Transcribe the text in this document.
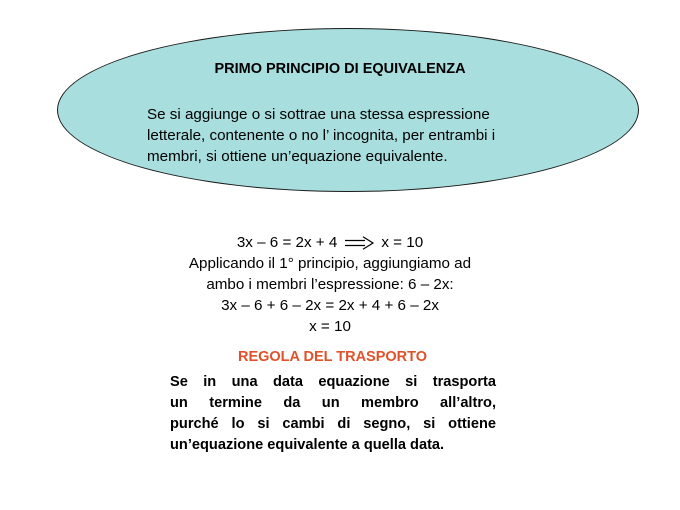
PRIMO PRINCIPIO DI EQUIVALENZA
Se si aggiunge o si sottrae una stessa espressione
letterale, contenente o no l’ incognita, per entrambi i
membri, si ottiene un’equazione equivalente.
3x – 6 = 2x + 4	x = 10
Applicando il 1° principio, aggiungiamo ad
ambo i membri l’espressione: 6 – 2x:
3x – 6 + 6 – 2x = 2x + 4 + 6 – 2x
x = 10
REGOLA DEL TRASPORTO
Se in una data equazione si trasporta
un termine da un membro all’altro,
purché lo si cambi di segno, si ottiene
un’equazione equivalente a quella data.
